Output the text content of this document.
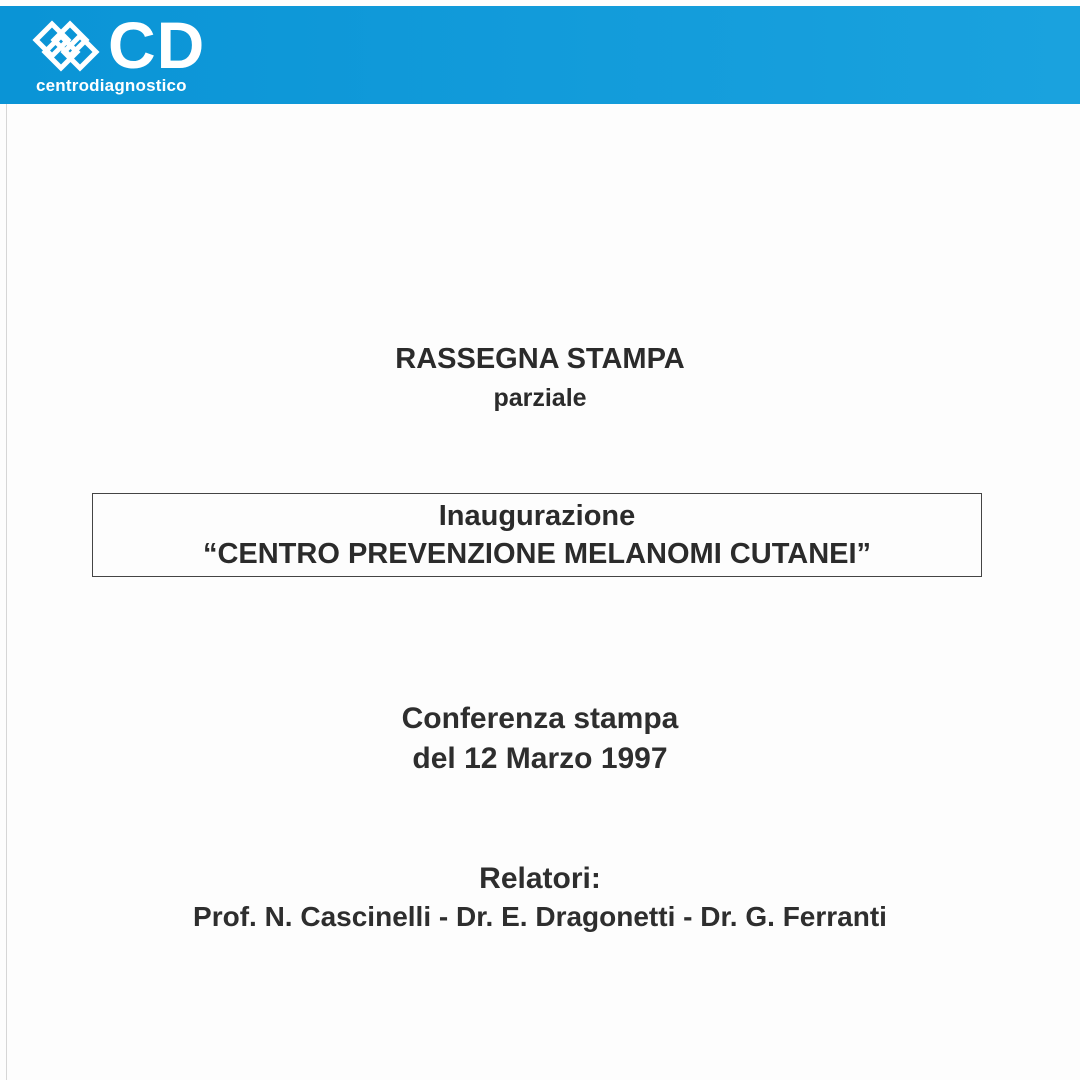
CD
centrodiagnostico
RASSEGNA STAMPA
parziale
Inaugurazione
“CENTRO PREVENZIONE MELANOMI CUTANEI”
Conferenza stampa
del 12 Marzo 1997
Relatori:
Prof. N. Cascinelli - Dr. E. Dragonetti - Dr. G. Ferranti
